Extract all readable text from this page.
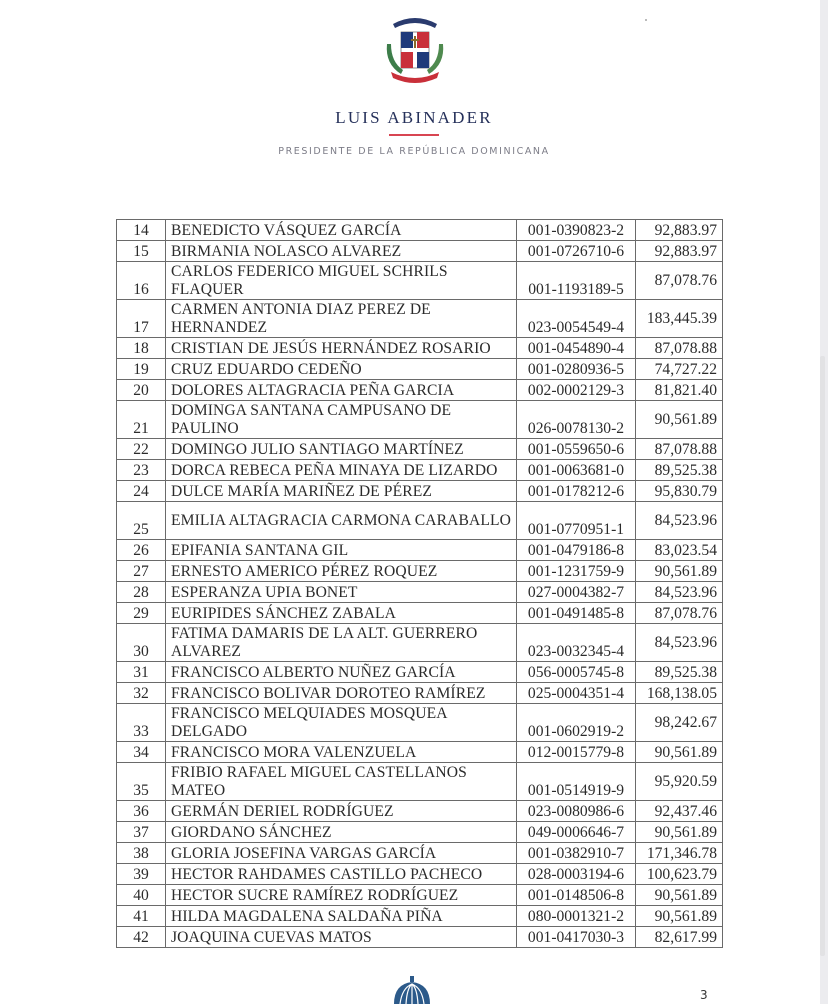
LUIS ABINADER
PRESIDENTE DE LA REPÚBLICA DOMINICANA
14	BENEDICTO VÁSQUEZ GARCÍA	001-0390823-2	92,883.97
15	BIRMANIA NOLASCO ALVAREZ	001-0726710-6	92,883.97
16	CARLOS FEDERICO MIGUEL SCHRILS FLAQUER	001-1193189-5	87,078.76
17	CARMEN ANTONIA DIAZ PEREZ DE HERNANDEZ	023-0054549-4	183,445.39
18	CRISTIAN DE JESÚS HERNÁNDEZ ROSARIO	001-0454890-4	87,078.88
19	CRUZ EDUARDO CEDEÑO	001-0280936-5	74,727.22
20	DOLORES ALTAGRACIA PEÑA GARCIA	002-0002129-3	81,821.40
21	DOMINGA SANTANA CAMPUSANO DE PAULINO	026-0078130-2	90,561.89
22	DOMINGO JULIO SANTIAGO MARTÍNEZ	001-0559650-6	87,078.88
23	DORCA REBECA PEÑA MINAYA DE LIZARDO	001-0063681-0	89,525.38
24	DULCE MARÍA MARIÑEZ DE PÉREZ	001-0178212-6	95,830.79
25	EMILIA ALTAGRACIA CARMONA CARABALLO	001-0770951-1	84,523.96
26	EPIFANIA SANTANA GIL	001-0479186-8	83,023.54
27	ERNESTO AMERICO PÉREZ ROQUEZ	001-1231759-9	90,561.89
28	ESPERANZA UPIA BONET	027-0004382-7	84,523.96
29	EURIPIDES SÁNCHEZ ZABALA	001-0491485-8	87,078.76
30	FATIMA DAMARIS DE LA ALT. GUERRERO ALVAREZ	023-0032345-4	84,523.96
31	FRANCISCO ALBERTO NUÑEZ GARCÍA	056-0005745-8	89,525.38
32	FRANCISCO BOLIVAR DOROTEO RAMÍREZ	025-0004351-4	168,138.05
33	FRANCISCO MELQUIADES MOSQUEA DELGADO	001-0602919-2	98,242.67
34	FRANCISCO MORA VALENZUELA	012-0015779-8	90,561.89
35	FRIBIO RAFAEL MIGUEL CASTELLANOS MATEO	001-0514919-9	95,920.59
36	GERMÁN DERIEL RODRÍGUEZ	023-0080986-6	92,437.46
37	GIORDANO SÁNCHEZ	049-0006646-7	90,561.89
38	GLORIA JOSEFINA VARGAS GARCÍA	001-0382910-7	171,346.78
39	HECTOR RAHDAMES CASTILLO PACHECO	028-0003194-6	100,623.79
40	HECTOR SUCRE RAMÍREZ RODRÍGUEZ	001-0148506-8	90,561.89
41	HILDA MAGDALENA SALDAÑA PIÑA	080-0001321-2	90,561.89
42	JOAQUINA CUEVAS MATOS	001-0417030-3	82,617.99
3
